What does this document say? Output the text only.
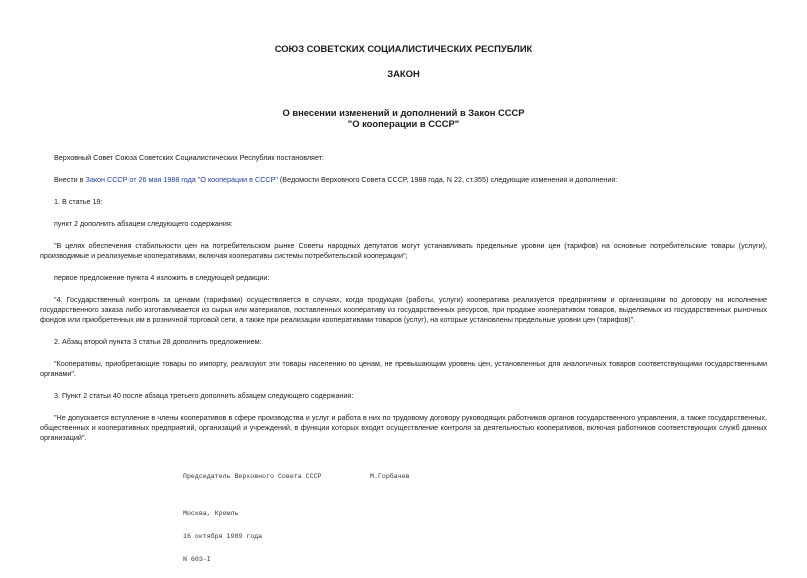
СОЮЗ СОВЕТСКИХ СОЦИАЛИСТИЧЕСКИХ РЕСПУБЛИК
ЗАКОН
О внесении изменений и дополнений в Закон СССР
"О кооперации в СССР"

Верховный Совет Союза Советских Социалистических Республик постановляет:

Внести в Закон СССР от 26 мая 1988 года "О кооперации в СССР" (Ведомости Верховного Совета СССР, 1988 года, N 22, ст.355) следующие изменения и дополнения:

1. В статье 19:

пункт 2 дополнить абзацем следующего содержания:

"В целях обеспечения стабильности цен на потребительском рынке Советы народных депутатов могут устанавливать предельные уровни цен (тарифов) на основные потребительские товары (услуги), производимые и реализуемые кооперативами, включая кооперативы системы потребительской кооперации";

первое предложение пункта 4 изложить в следующей редакции:

"4. Государственный контроль за ценами (тарифами) осуществляется в случаях, когда продукция (работы, услуги) кооператива реализуется предприятиям и организациям по договору на исполнение государственного заказа либо изготавливается из сырья или материалов, поставленных кооперативу из государственных ресурсов, при продаже кооперативом товаров, выделяемых из государственных рыночных фондов или приобретенных им в розничной торговой сети, а также при реализации кооперативами товаров (услуг), на которые установлены предельные уровни цен (тарифов)".

2. Абзац второй пункта 3 статьи 28 дополнить предложением:

"Кооперативы, приобретающие товары по импорту, реализуют эти товары населению по ценам, не превышающим уровень цен, установленных для аналогичных товаров соответствующими государственными органами".

3. Пункт 2 статьи 40 после абзаца третьего дополнить абзацем следующего содержания:

"Не допускается вступление в члены кооперативов в сфере производства и услуг и работа в них по трудовому договору руководящих работников органов государственного управления, а также государственных, общественных и кооперативных предприятий, организаций и учреждений, в функции которых входит осуществление контроля за деятельностью кооперативов, включая работников соответствующих служб данных организаций".

Председатель Верховного Совета СССР	М.Горбачев

Москва, Кремль

16 октября 1989 года

N 603-I
